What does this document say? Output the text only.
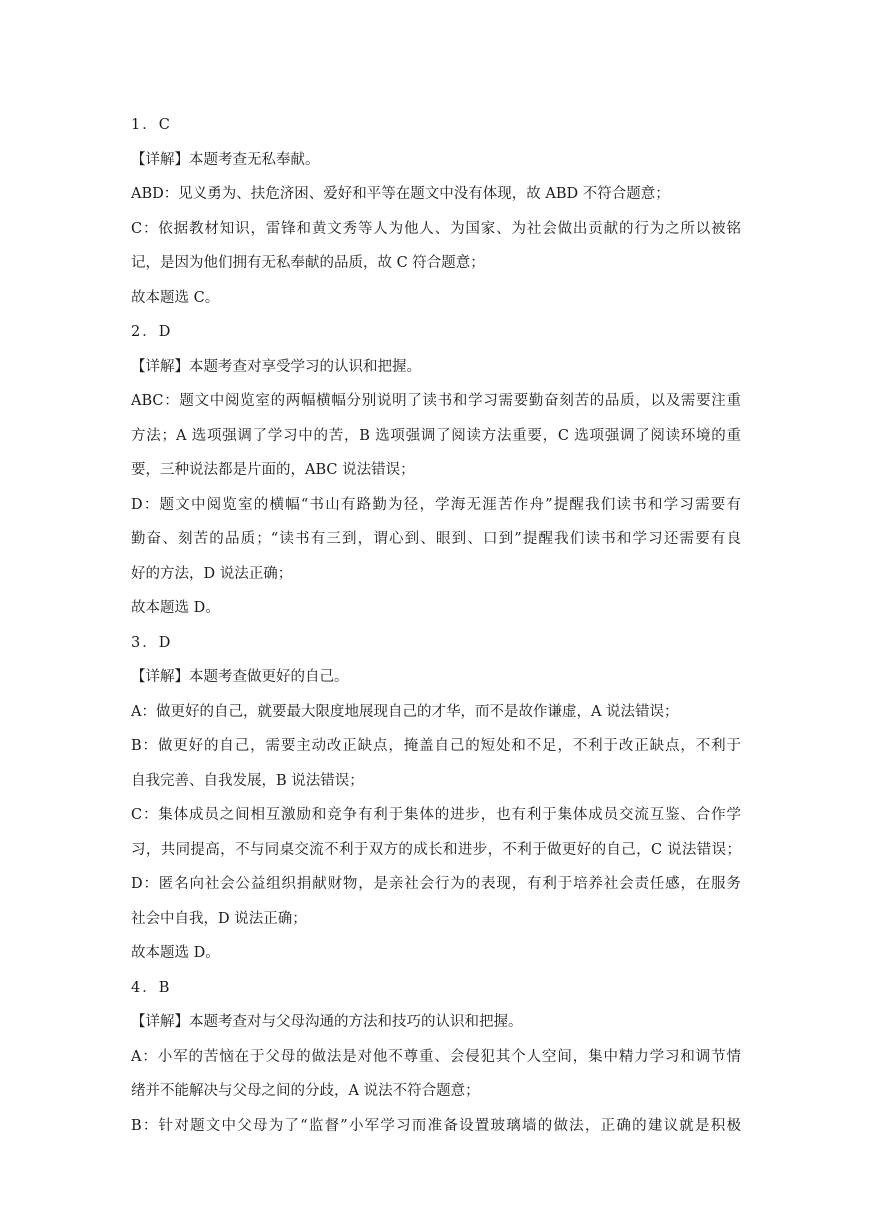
1．C

【详解】本题考查无私奉献。

ABD：见义勇为、扶危济困、爱好和平等在题文中没有体现，故 ABD 不符合题意；

C：依据教材知识，雷锋和黄文秀等人为他人、为国家、为社会做出贡献的行为之所以被铭

记，是因为他们拥有无私奉献的品质，故 C 符合题意；

故本题选 C。

2．D

【详解】本题考查对享受学习的认识和把握。

ABC：题文中阅览室的两幅横幅分别说明了读书和学习需要勤奋刻苦的品质，以及需要注重

方法；A 选项强调了学习中的苦，B 选项强调了阅读方法重要，C 选项强调了阅读环境的重

要，三种说法都是片面的，ABC 说法错误；

D：题文中阅览室的横幅“书山有路勤为径，学海无涯苦作舟”提醒我们读书和学习需要有

勤奋、刻苦的品质；“读书有三到，谓心到、眼到、口到”提醒我们读书和学习还需要有良

好的方法，D 说法正确；

故本题选 D。

3．D

【详解】本题考查做更好的自己。

A：做更好的自己，就要最大限度地展现自己的才华，而不是故作谦虚，A 说法错误；

B：做更好的自己，需要主动改正缺点，掩盖自己的短处和不足，不利于改正缺点，不利于

自我完善、自我发展，B 说法错误；

C：集体成员之间相互激励和竞争有利于集体的进步，也有利于集体成员交流互鉴、合作学

习，共同提高，不与同桌交流不利于双方的成长和进步，不利于做更好的自己，C 说法错误；

D：匿名向社会公益组织捐献财物，是亲社会行为的表现，有利于培养社会责任感，在服务

社会中自我，D 说法正确；

故本题选 D。

4．B

【详解】本题考查对与父母沟通的方法和技巧的认识和把握。

A：小军的苦恼在于父母的做法是对他不尊重、会侵犯其个人空间，集中精力学习和调节情

绪并不能解决与父母之间的分歧，A 说法不符合题意；

B：针对题文中父母为了“监督”小军学习而准备设置玻璃墙的做法，正确的建议就是积极
